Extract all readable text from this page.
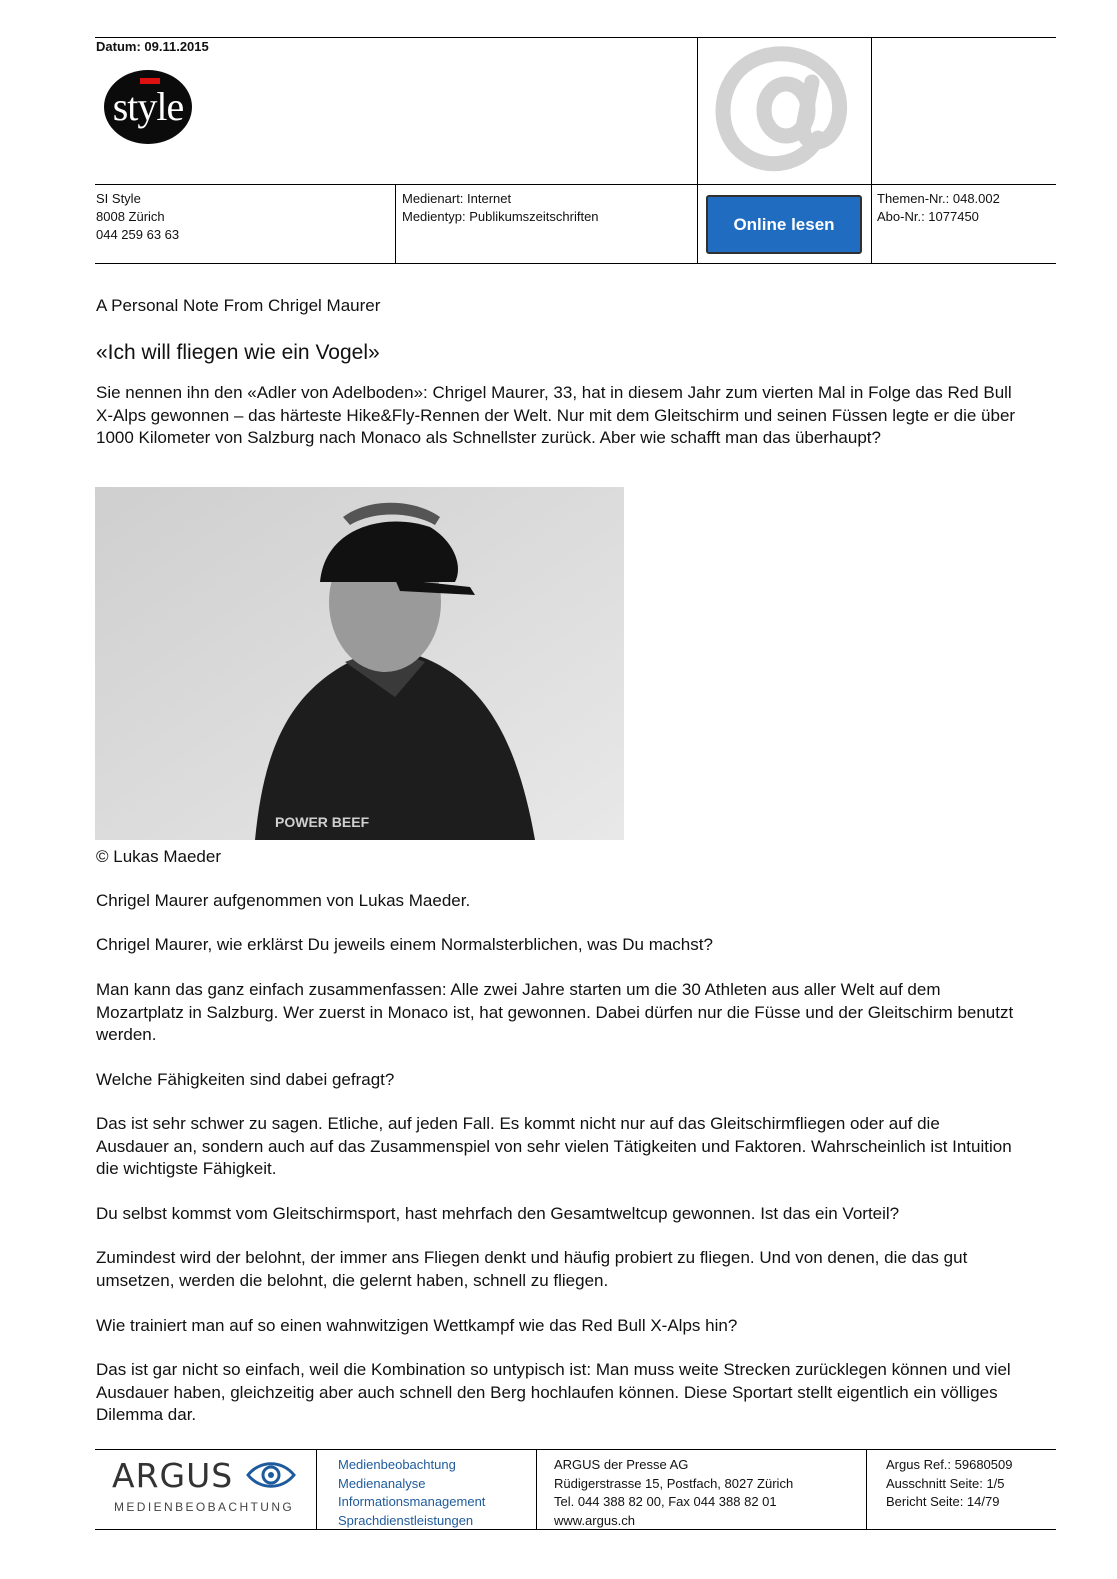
Datum: 09.11.2015
style
SI Style
8008 Zürich
044 259 63 63
Medienart: Internet
Medientyp: Publikumszeitschriften	Online lesen
Themen-Nr.: 048.002
Abo-Nr.: 1077450
A Personal Note From Chrigel Maurer
«Ich will fliegen wie ein Vogel»
Sie nennen ihn den «Adler von Adelboden»: Chrigel Maurer, 33, hat in diesem Jahr zum vierten Mal in Folge das Red Bull X-Alps gewonnen – das härteste Hike&Fly-Rennen der Welt. Nur mit dem Gleitschirm und seinen Füssen legte er die über 1000 Kilometer von Salzburg nach Monaco als Schnellster zurück. Aber wie schafft man das überhaupt?
POWER BEEF
© Lukas Maeder
Chrigel Maurer aufgenommen von Lukas Maeder.
Chrigel Maurer, wie erklärst Du jeweils einem Normalsterblichen, was Du machst?
Man kann das ganz einfach zusammenfassen: Alle zwei Jahre starten um die 30 Athleten aus aller Welt auf dem Mozartplatz in Salzburg. Wer zuerst in Monaco ist, hat gewonnen. Dabei dürfen nur die Füsse und der Gleitschirm benutzt werden.
Welche Fähigkeiten sind dabei gefragt?
Das ist sehr schwer zu sagen. Etliche, auf jeden Fall. Es kommt nicht nur auf das Gleitschirmfliegen oder auf die Ausdauer an, sondern auch auf das Zusammenspiel von sehr vielen Tätigkeiten und Faktoren. Wahrscheinlich ist Intuition die wichtigste Fähigkeit.
Du selbst kommst vom Gleitschirmsport, hast mehrfach den Gesamtweltcup gewonnen. Ist das ein Vorteil?
Zumindest wird der belohnt, der immer ans Fliegen denkt und häufig probiert zu fliegen. Und von denen, die das gut umsetzen, werden die belohnt, die gelernt haben, schnell zu fliegen.
Wie trainiert man auf so einen wahnwitzigen Wettkampf wie das Red Bull X-Alps hin?
Das ist gar nicht so einfach, weil die Kombination so untypisch ist: Man muss weite Strecken zurücklegen können und viel Ausdauer haben, gleichzeitig aber auch schnell den Berg hochlaufen können. Diese Sportart stellt eigentlich ein völliges Dilemma dar.
ARGUS
MEDIENBEOBACHTUNG
Medienbeobachtung
Medienanalyse
Informationsmanagement
Sprachdienstleistungen
ARGUS der Presse AG
Rüdigerstrasse 15, Postfach, 8027 Zürich
Tel. 044 388 82 00, Fax 044 388 82 01
www.argus.ch
Argus Ref.: 59680509
Ausschnitt Seite: 1/5
Bericht Seite: 14/79
